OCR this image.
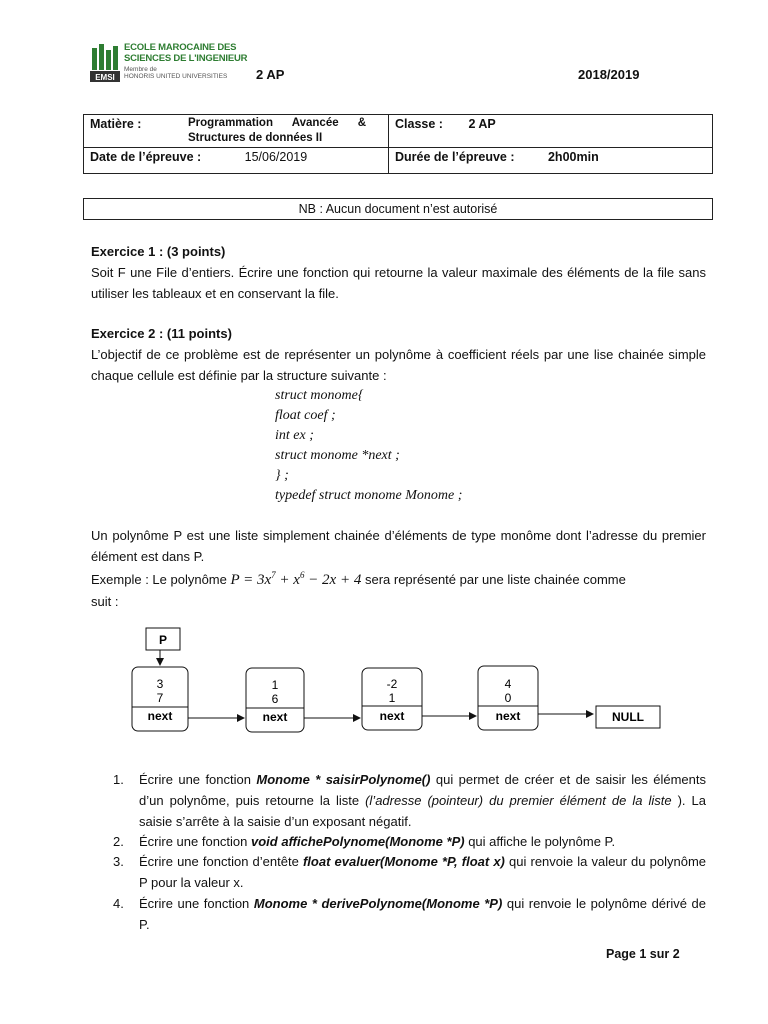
EMSI
ECOLE MAROCAINE DES
SCIENCES DE L'INGENIEUR
Membre de
HONORIS UNITED UNIVERSITIES 2 AP	2018/2019
Matière : Programmation      Avancée      &
Structures de données II	Classe : 2 AP
Date de l’épreuve : 15/06/2019	Durée de l’épreuve : 2h00min
NB : Aucun document n’est autorisé
Exercice 1 : (3 points)
Soit F une File d’entiers. Écrire une fonction qui retourne la valeur maximale des éléments de la file sans utiliser les tableaux et en conservant la file.
Exercice 2 : (11 points)
L’objectif de ce problème est de représenter un polynôme à coefficient réels par une lise chainée simple chaque cellule est définie par la structure suivante :
struct monome{
float coef ;
int ex ;
struct monome *next ;
} ;
typedef struct monome Monome ;
Un polynôme P est une liste simplement chainée d’éléments de type monôme dont l’adresse du premier élément est dans P.
Exemple : Le polynôme $P = 3x^7 + x^6 - 2x + 4$ sera représenté par une liste chainée comme
suit :
P
3
7
next
1
6
next
-2
1
next
4
0
next	NULL
1. Écrire une fonction Monome * saisirPolynome() qui permet de créer et de saisir les éléments d’un polynôme, puis retourne la liste (l’adresse (pointeur) du premier élément de la liste ). La saisie s’arrête à la saisie d’un exposant négatif.
2. Écrire une fonction void affichePolynome(Monome *P) qui affiche le polynôme P.
3. Écrire une fonction d’entête float evaluer(Monome *P, float x) qui renvoie la valeur du polynôme P pour la valeur x.
4. Écrire une fonction Monome * derivePolynome(Monome *P) qui renvoie le polynôme dérivé de P.
Page 1 sur 2
